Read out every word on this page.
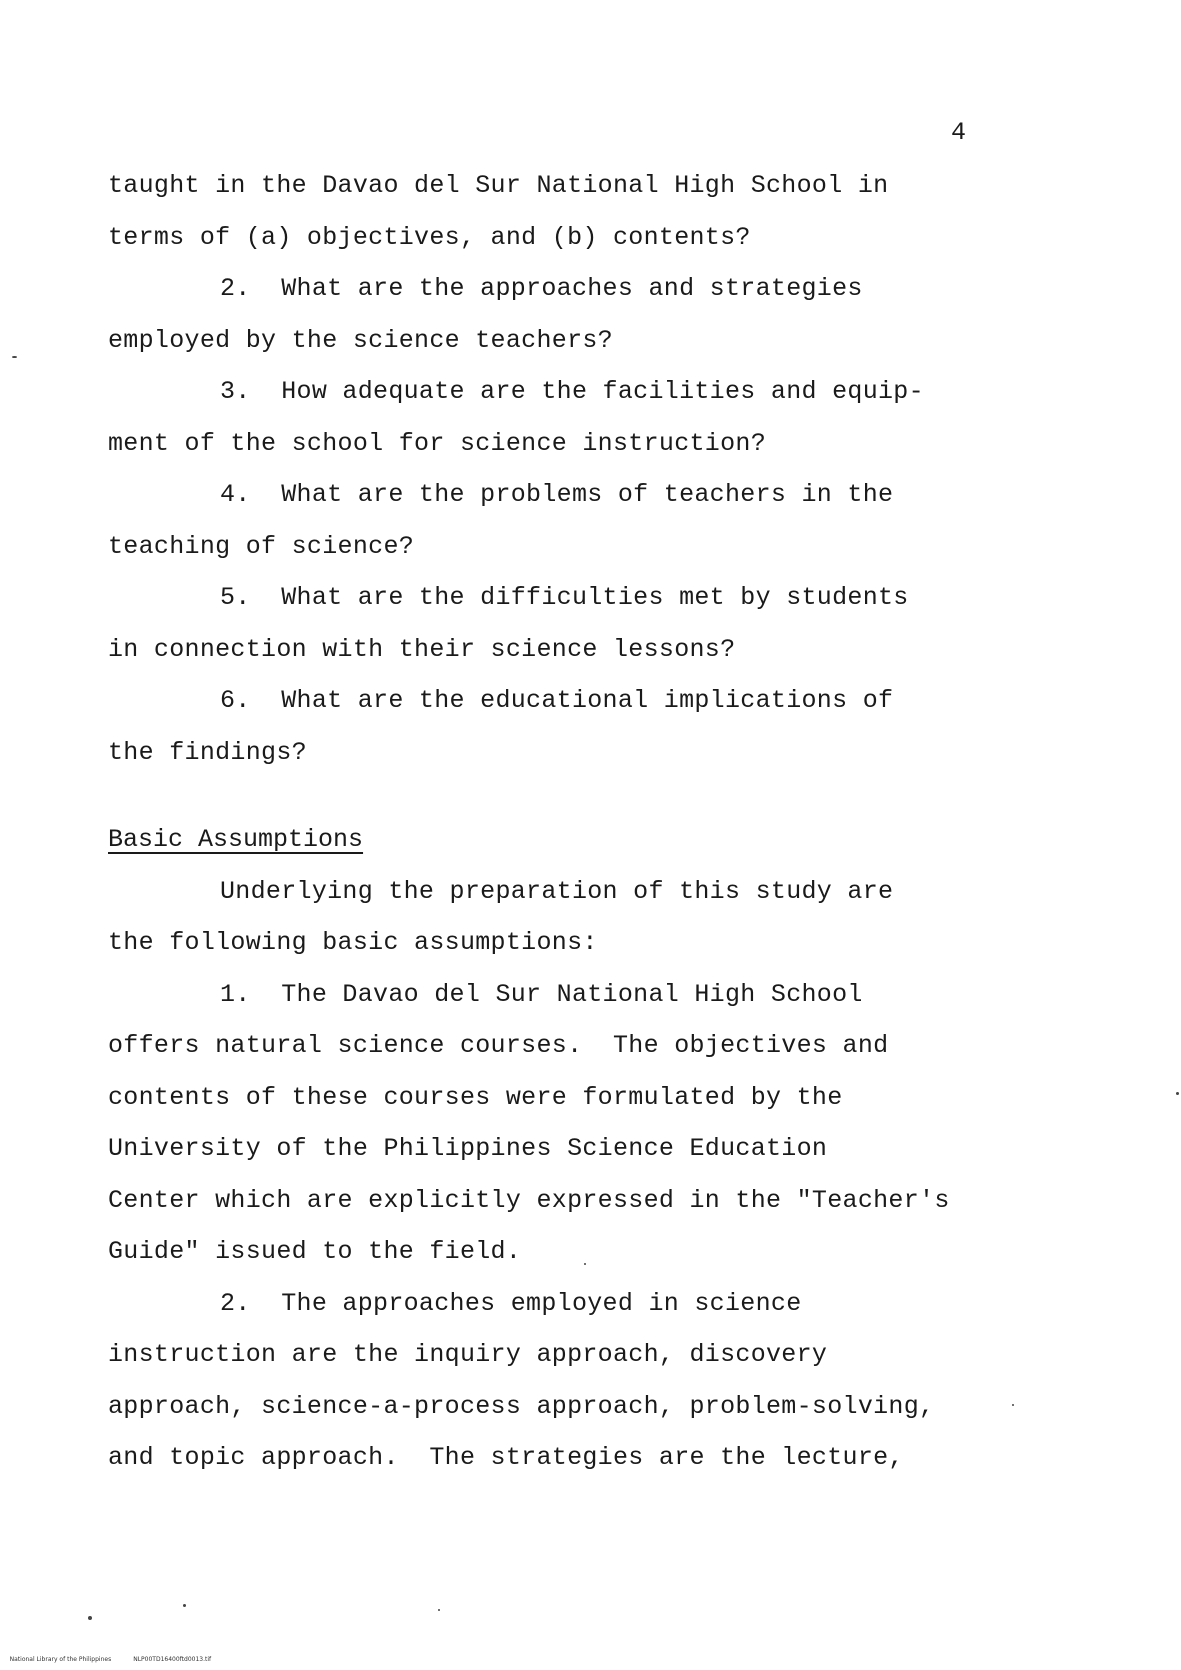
4
taught in the Davao del Sur National High School in
terms of (a) objectives, and (b) contents?
2.  What are the approaches and strategies
employed by the science teachers?
3.  How adequate are the facilities and equip-
ment of the school for science instruction?
4.  What are the problems of teachers in the
teaching of science?
5.  What are the difficulties met by students
in connection with their science lessons?
6.  What are the educational implications of
the findings?
Basic Assumptions
Underlying the preparation of this study are
the following basic assumptions:
1.  The Davao del Sur National High School
offers natural science courses.  The objectives and
contents of these courses were formulated by the
University of the Philippines Science Education
Center which are explicitly expressed in the "Teacher's
Guide" issued to the field.
2.  The approaches employed in science
instruction are the inquiry approach, discovery
approach, science-a-process approach, problem-solving,
and topic approach.  The strategies are the lecture,

National Library of the Philippines	NLP00TD16400ftd0013.tif
